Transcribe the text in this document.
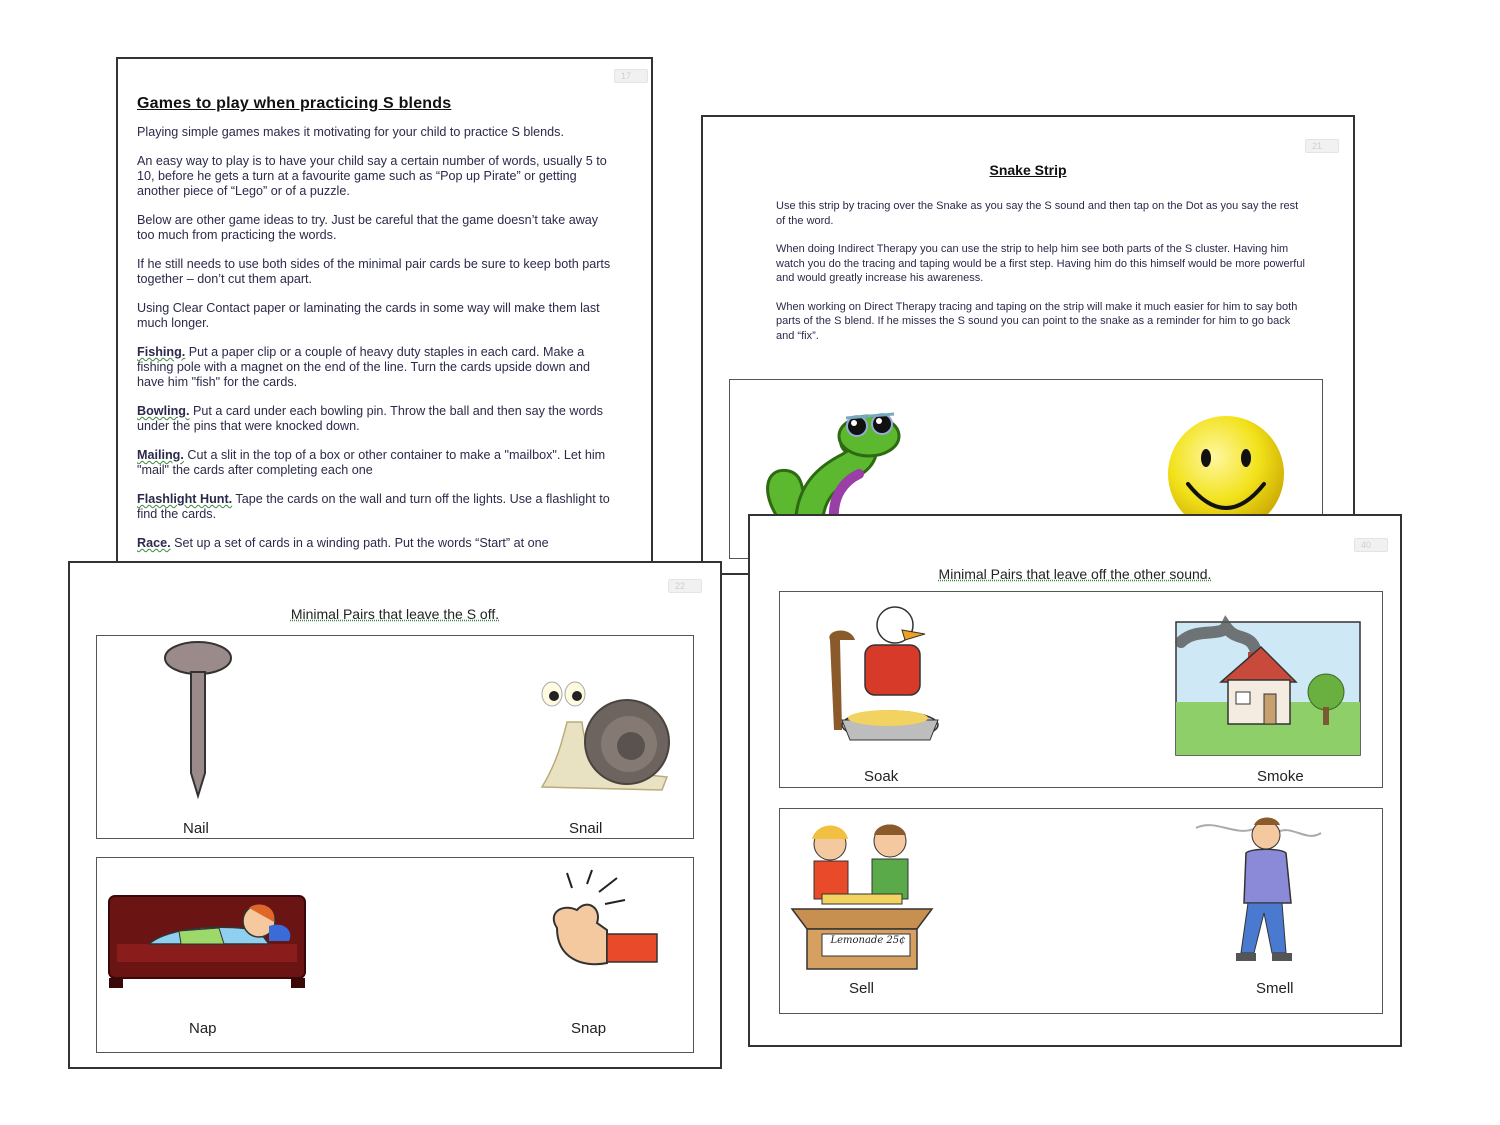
17
Games to play when practicing S blends

Playing simple games makes it motivating for your child to practice S blends.

An easy way to play is to have your child say a certain number of words, usually 5 to 10, before he gets a turn at a favourite game such as “Pop up Pirate” or getting another piece of “Lego” or of a puzzle.

Below are other game ideas to try. Just be careful that the game doesn’t take away too much from practicing the words.

If he still needs to use both sides of the minimal pair cards be sure to keep both parts together – don’t cut them apart.

Using Clear Contact paper or laminating the cards in some way will make them last much longer.

Fishing. Put a paper clip or a couple of heavy duty staples in each card. Make a fishing pole with a magnet on the end of the line. Turn the cards upside down and have him "fish" for the cards.

Bowling. Put a card under each bowling pin. Throw the ball and then say the words under the pins that were knocked down.

Mailing. Cut a slit in the top of a box or other container to make a "mailbox". Let him "mail" the cards after completing each one

Flashlight Hunt. Tape the cards on the wall and turn off the lights. Use a flashlight to find the cards.

Race. Set up a set of cards in a winding path. Put the words “Start” at one

21
Snake Strip

Use this strip by tracing over the Snake as you say the S sound and then tap on the Dot as you say the rest of the word.

When doing Indirect Therapy you can use the strip to help him see both parts of the S cluster. Having him watch you do the tracing and taping would be a first step. Having him do this himself would be more powerful and would greatly increase his awareness.

When working on Direct Therapy tracing and taping on the strip will make it much easier for him to say both parts of the S blend. If he misses the S sound you can point to the snake as a reminder for him to go back and “fix”.

22
Minimal Pairs that leave the S off.
Nail	Snail
Nap	Snap
40
Minimal Pairs that leave off the other sound.
Soak	Smoke
Lemonade 25¢
Sell	Smell
